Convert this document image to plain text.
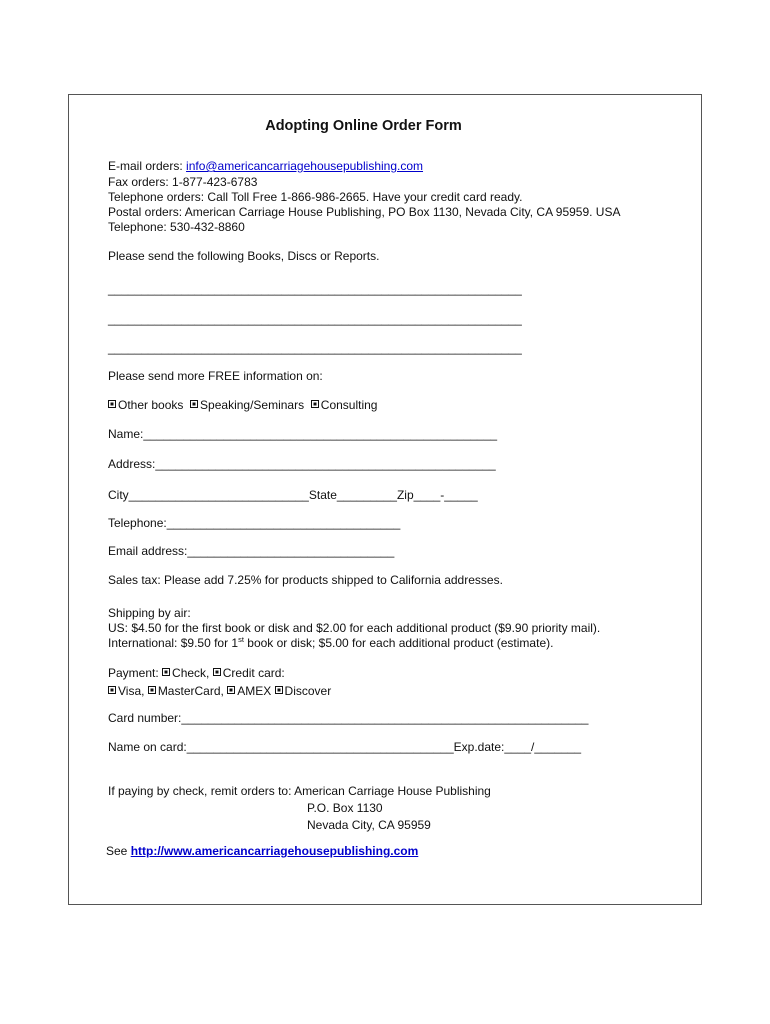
Adopting Online Order Form
E-mail orders: info@americancarriagehousepublishing.com
Fax orders: 1-877-423-6783
Telephone orders: Call Toll Free 1-866-986-2665. Have your credit card ready.
Postal orders: American Carriage House Publishing, PO Box 1130, Nevada City, CA 95959. USA
Telephone: 530-432-8860
Please send the following Books, Discs or Reports.
______________________________________________________________
______________________________________________________________
______________________________________________________________
Please send more FREE information on:
Other books Speaking/Seminars Consulting
Name:_____________________________________________________
Address:___________________________________________________
City___________________________State_________Zip____-_____
Telephone:___________________________________
Email address:_______________________________
Sales tax: Please add 7.25% for products shipped to California addresses.
Shipping by air:
US: $4.50 for the first book or disk and $2.00 for each additional product ($9.90 priority mail).
International: $9.50 for 1st book or disk; $5.00 for each additional product (estimate).
Payment: Check, Credit card:
Visa, MasterCard, AMEX Discover
Card number:_____________________________________________________________
Name on card:________________________________________Exp.date:____/_______
If paying by check, remit orders to: American Carriage House Publishing
P.O. Box 1130
Nevada City, CA 95959
See http://www.americancarriagehousepublishing.com
